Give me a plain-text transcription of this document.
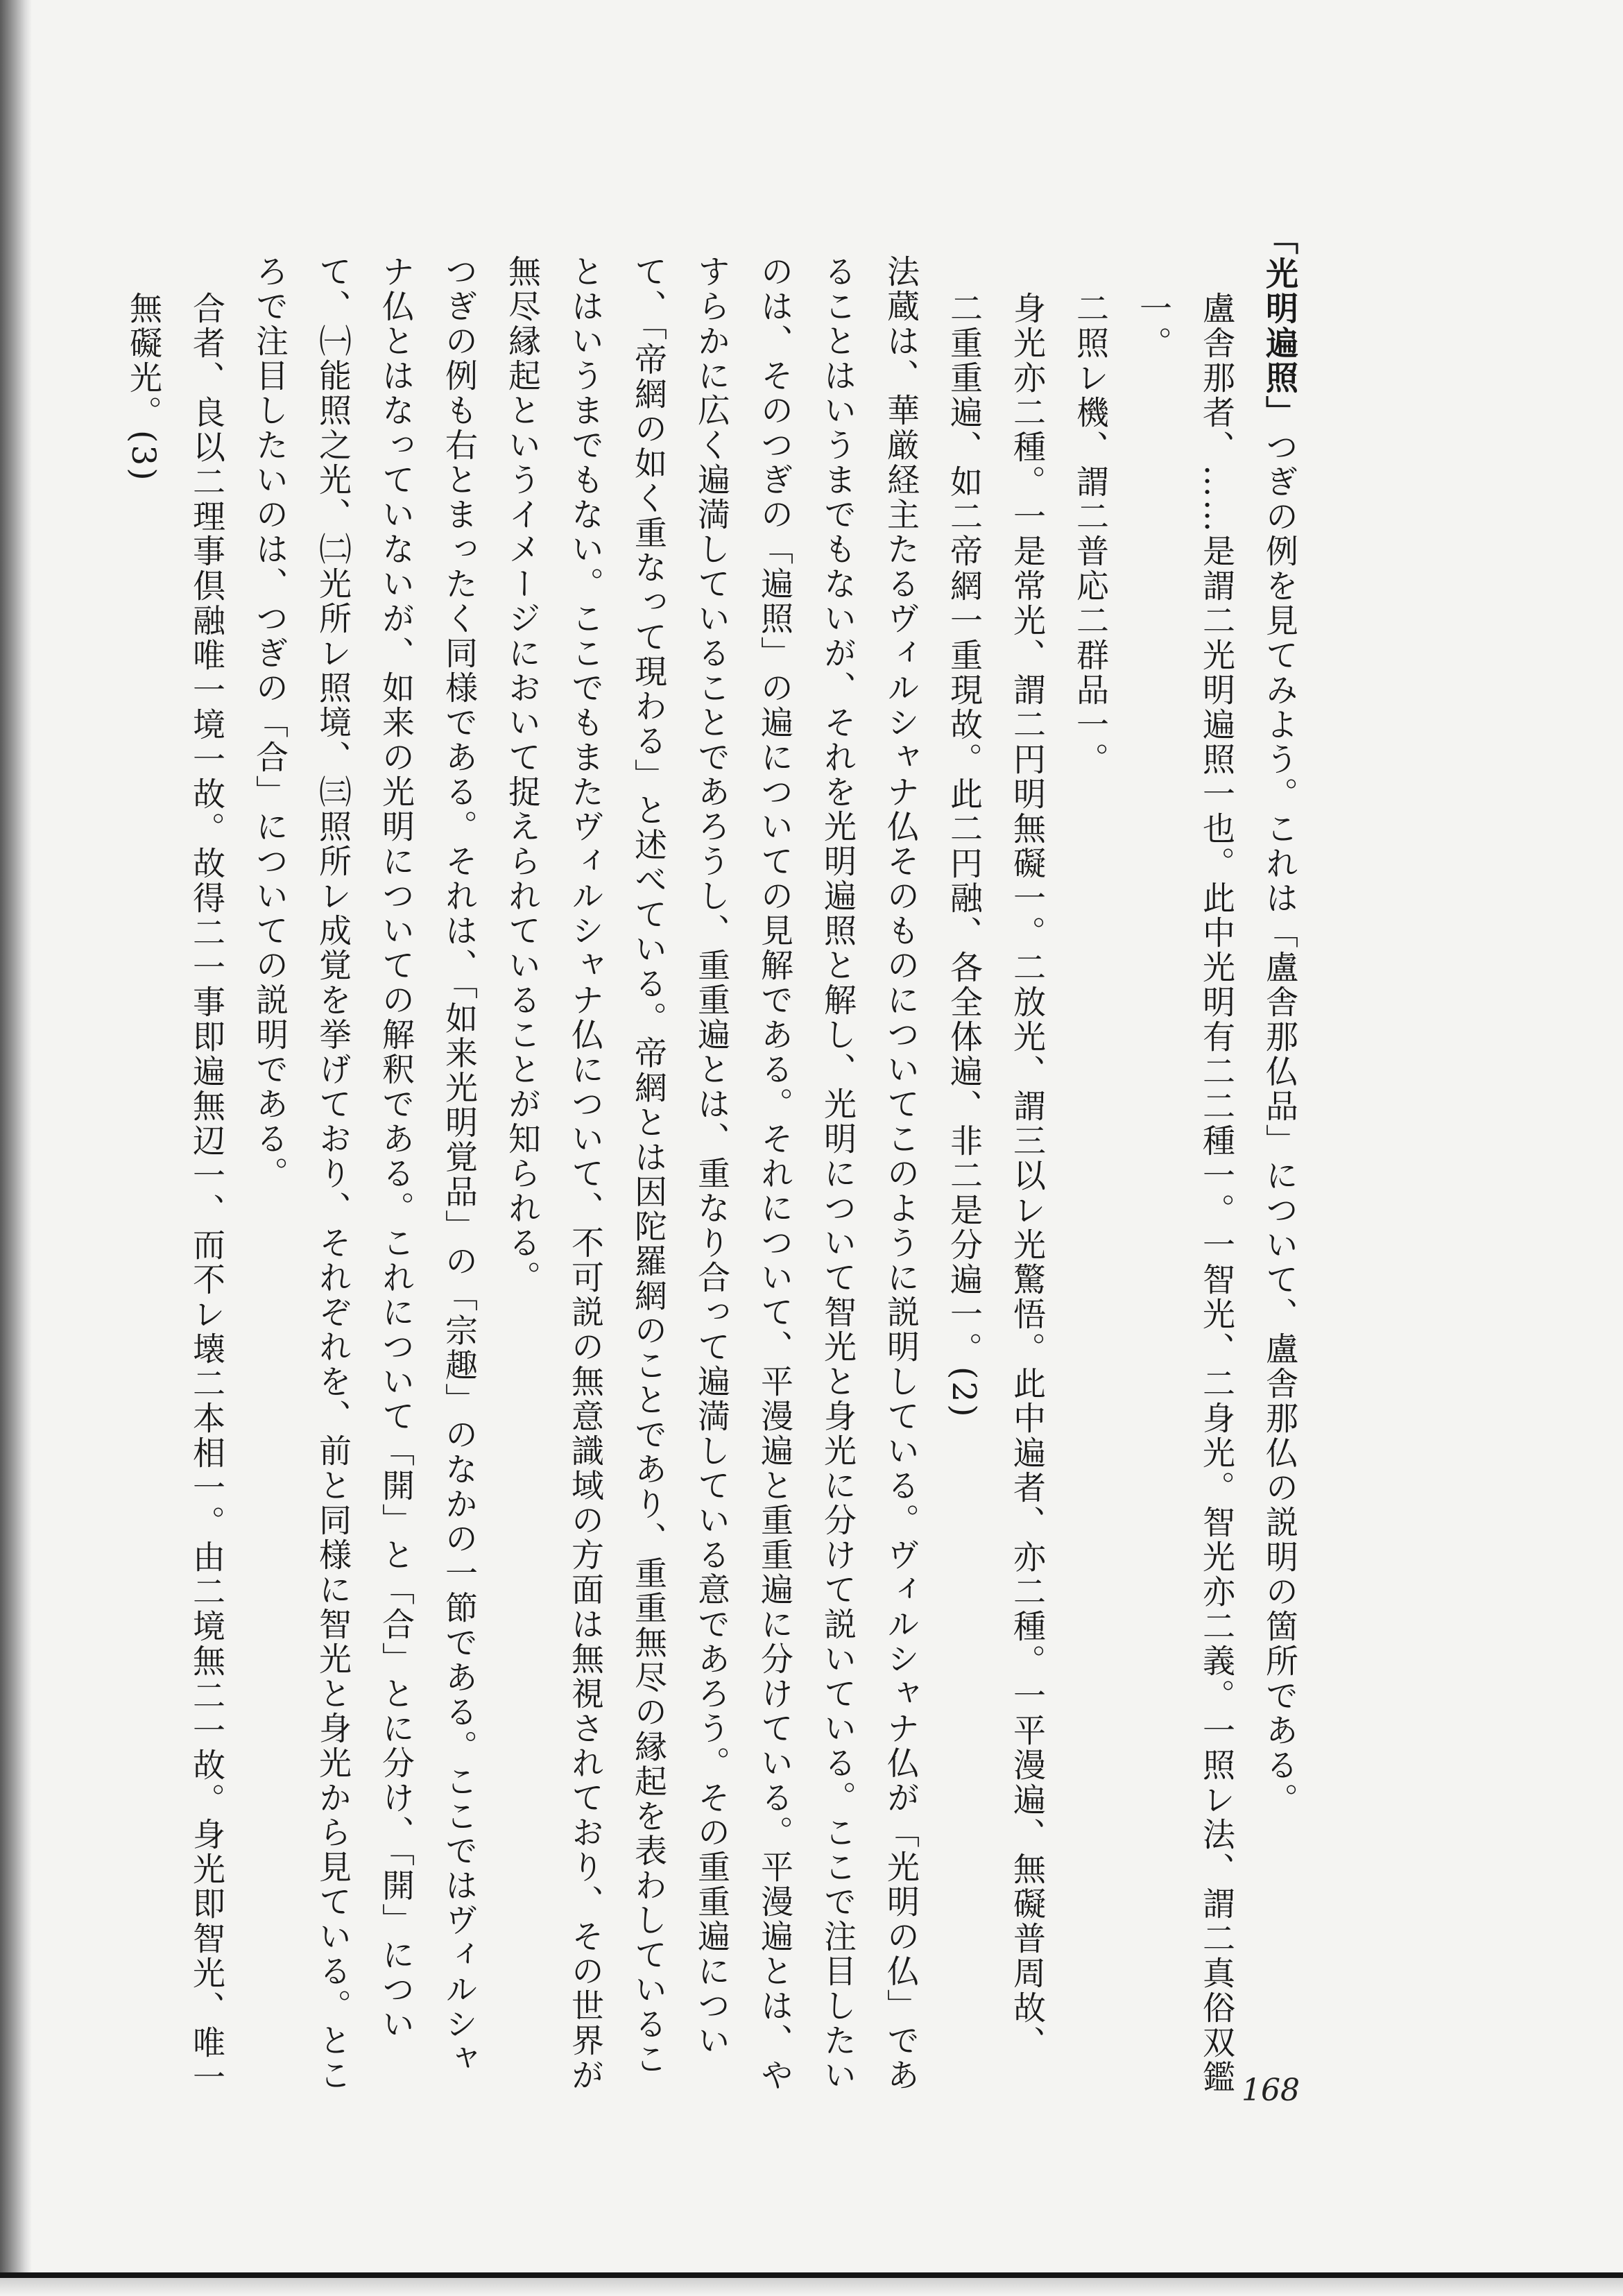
「光明遍照」つぎの例を見てみよう。これは「盧舎那仏品」について、盧舎那仏の説明の箇所である。

盧舎那者、……是謂二光明遍照一也。此中光明有二二種一。一智光、二身光。智光亦二義。一照レ法、謂二真俗双鑑一。

二照レ機、謂二普応二群品一。

身光亦二種。一是常光、謂二円明無礙一。二放光、謂三以レ光驚悟。此中遍者、亦二種。一平漫遍、無礙普周故、

二重重遍、如二帝網一重現故。此二円融、各全体遍、非二是分遍一。(2)

法蔵は、華厳経主たるヴィルシャナ仏そのものについてこのように説明している。ヴィルシャナ仏が「光明の仏」であることはいうまでもないが、それを光明遍照と解し、光明について智光と身光に分けて説いている。ここで注目したいのは、そのつぎの「遍照」の遍についての見解である。それについて、平漫遍と重重遍に分けている。平漫遍とは、やすらかに広く遍満していることであろうし、重重遍とは、重なり合って遍満している意であろう。その重重遍について、「帝網の如く重なって現わる」と述べている。帝網とは因陀羅網のことであり、重重無尽の縁起を表わしていることはいうまでもない。ここでもまたヴィルシャナ仏について、不可説の無意識域の方面は無視されており、その世界が無尽縁起というイメージにおいて捉えられていることが知られる。

つぎの例も右とまったく同様である。それは、「如来光明覚品」の「宗趣」のなかの一節である。ここではヴィルシャナ仏とはなっていないが、如来の光明についての解釈である。これについて「開」と「合」とに分け、「開」について、㈠能照之光、㈡光所レ照境、㈢照所レ成覚を挙げており、それぞれを、前と同様に智光と身光から見ている。ところで注目したいのは、つぎの「合」についての説明である。

合者、良以二理事倶融唯一境一故。故得二一事即遍無辺一、而不レ壊二本相一。由二境無二一故。身光即智光、唯一無礙光。(3)

168
